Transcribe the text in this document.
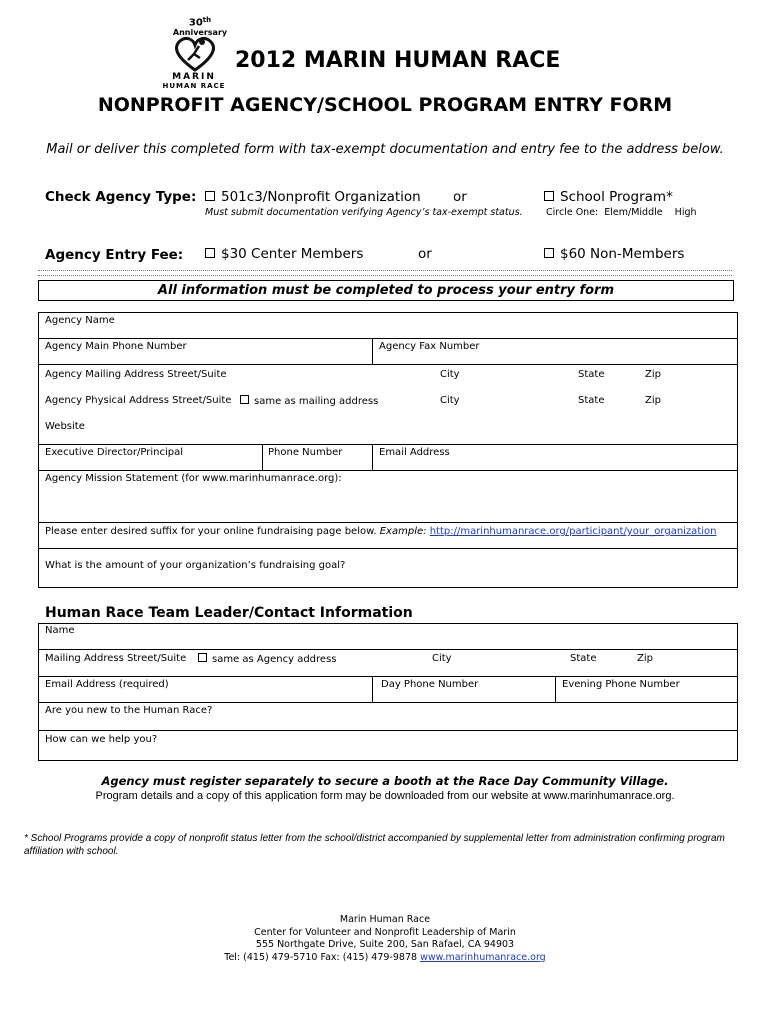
30th
Anniversary
MARIN
HUMAN RACE
2012 MARIN HUMAN RACE
NONPROFIT AGENCY/SCHOOL PROGRAM ENTRY FORM
Mail or deliver this completed form with tax-exempt documentation and entry fee to the address below.
Check Agency Type:	501c3/Nonprofit Organization or	School Program*
Must submit documentation verifying Agency’s tax-exempt status. Circle One:  Elem/Middle    High
Agency Entry Fee:	$30 Center Members	or	$60 Non-Members
All information must be completed to process your entry form
Agency Name
Agency Main Phone Number	Agency Fax Number
Agency Mailing Address Street/Suite	City	State	Zip
Agency Physical Address Street/Suite	same as mailing address	City	State	Zip
Website
Executive Director/Principal	Phone Number	Email Address
Agency Mission Statement (for www.marinhumanrace.org):
Please enter desired suffix for your online fundraising page below. Example: http://marinhumanrace.org/participant/your_organization
What is the amount of your organization’s fundraising goal?
Human Race Team Leader/Contact Information
Name
Mailing Address Street/Suite	same as Agency address	City	State	Zip
Email Address (required)	Day Phone Number	Evening Phone Number
Are you new to the Human Race?
How can we help you?
Agency must register separately to secure a booth at the Race Day Community Village.
Program details and a copy of this application form may be downloaded from our website at www.marinhumanrace.org.
* School Programs provide a copy of nonprofit status letter from the school/district accompanied by supplemental letter from administration confirming program affiliation with school.
Marin Human Race
Center for Volunteer and Nonprofit Leadership of Marin
555 Northgate Drive, Suite 200, San Rafael, CA 94903
Tel: (415) 479-5710 Fax: (415) 479-9878 www.marinhumanrace.org
